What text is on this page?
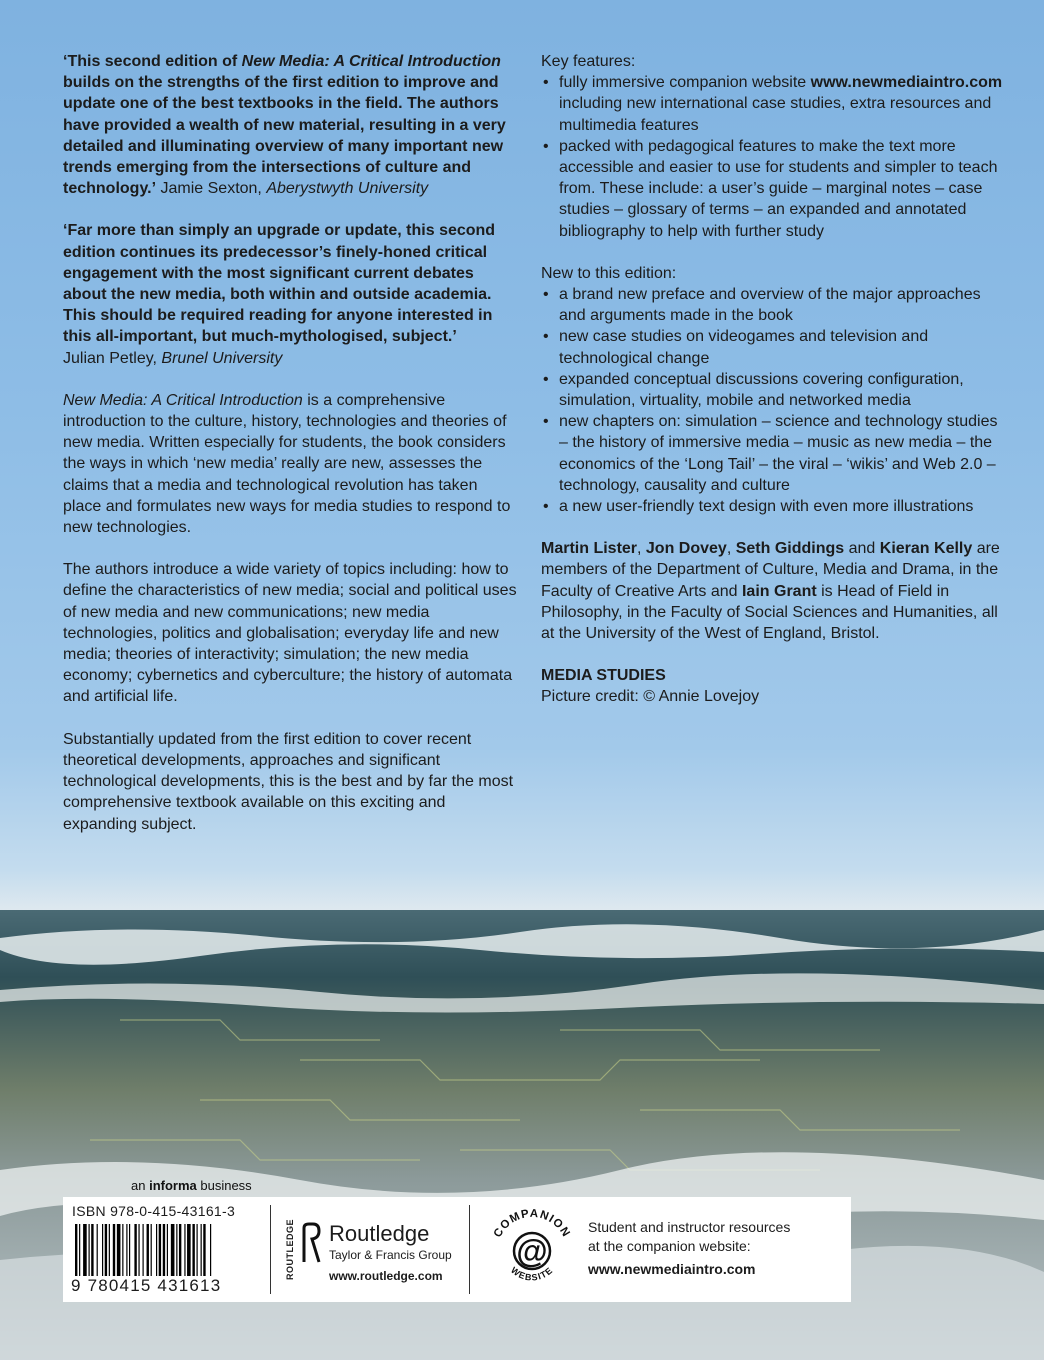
‘This second edition of New Media: A Critical Introduction builds on the strengths of the first edition to improve and update one of the best textbooks in the field. The authors have provided a wealth of new material, resulting in a very detailed and illuminating overview of many important new trends emerging from the intersections of culture and technology.’ Jamie Sexton, Aberystwyth University

‘Far more than simply an upgrade or update, this second edition continues its predecessor’s finely-honed critical engagement with the most significant current debates about the new media, both within and outside academia. This should be required reading for anyone interested in this all-important, but much-mythologised, subject.’
Julian Petley, Brunel University

New Media: A Critical Introduction is a comprehensive introduction to the culture, history, technologies and theories of new media. Written especially for students, the book considers the ways in which ‘new media’ really are new, assesses the claims that a media and technological revolution has taken place and formulates new ways for media studies to respond to new technologies.

The authors introduce a wide variety of topics including: how to define the characteristics of new media; social and political uses of new media and new communications; new media technologies, politics and globalisation; everyday life and new media; theories of interactivity; simulation; the new media economy; cybernetics and cyberculture; the history of automata and artificial life.

Substantially updated from the first edition to cover recent theoretical developments, approaches and significant technological developments, this is the best and by far the most comprehensive textbook available on this exciting and expanding subject.

Key features:
• fully immersive companion website www.newmediaintro.com including new international case studies, extra resources and multimedia features
• packed with pedagogical features to make the text more accessible and easier to use for students and simpler to teach from. These include: a user’s guide – marginal notes – case studies – glossary of terms – an expanded and annotated bibliography to help with further study
New to this edition:
• a brand new preface and overview of the major approaches and arguments made in the book
• new case studies on videogames and television and technological change
• expanded conceptual discussions covering configuration, simulation, virtuality, mobile and networked media
• new chapters on: simulation – science and technology studies – the history of immersive media – music as new media – the economics of the ‘Long Tail’ – the viral – ‘wikis’ and Web 2.0 – technology, causality and culture
• a new user-friendly text design with even more illustrations

Martin Lister, Jon Dovey, Seth Giddings and Kieran Kelly are members of the Department of Culture, Media and Drama, in the Faculty of Creative Arts and Iain Grant is Head of Field in Philosophy, in the Faculty of Social Sciences and Humanities, all at the University of the West of England, Bristol.

MEDIA STUDIES
Picture credit: © Annie Lovejoy
an informa business
ISBN 978-0-415-43161-3
9 780415 431613
ROUTLEDGE Routledge
Taylor & Francis Group
www.routledge.com
@
COMPANION
WEBSITE
Student and instructor resources
at the companion website:
www.newmediaintro.com
